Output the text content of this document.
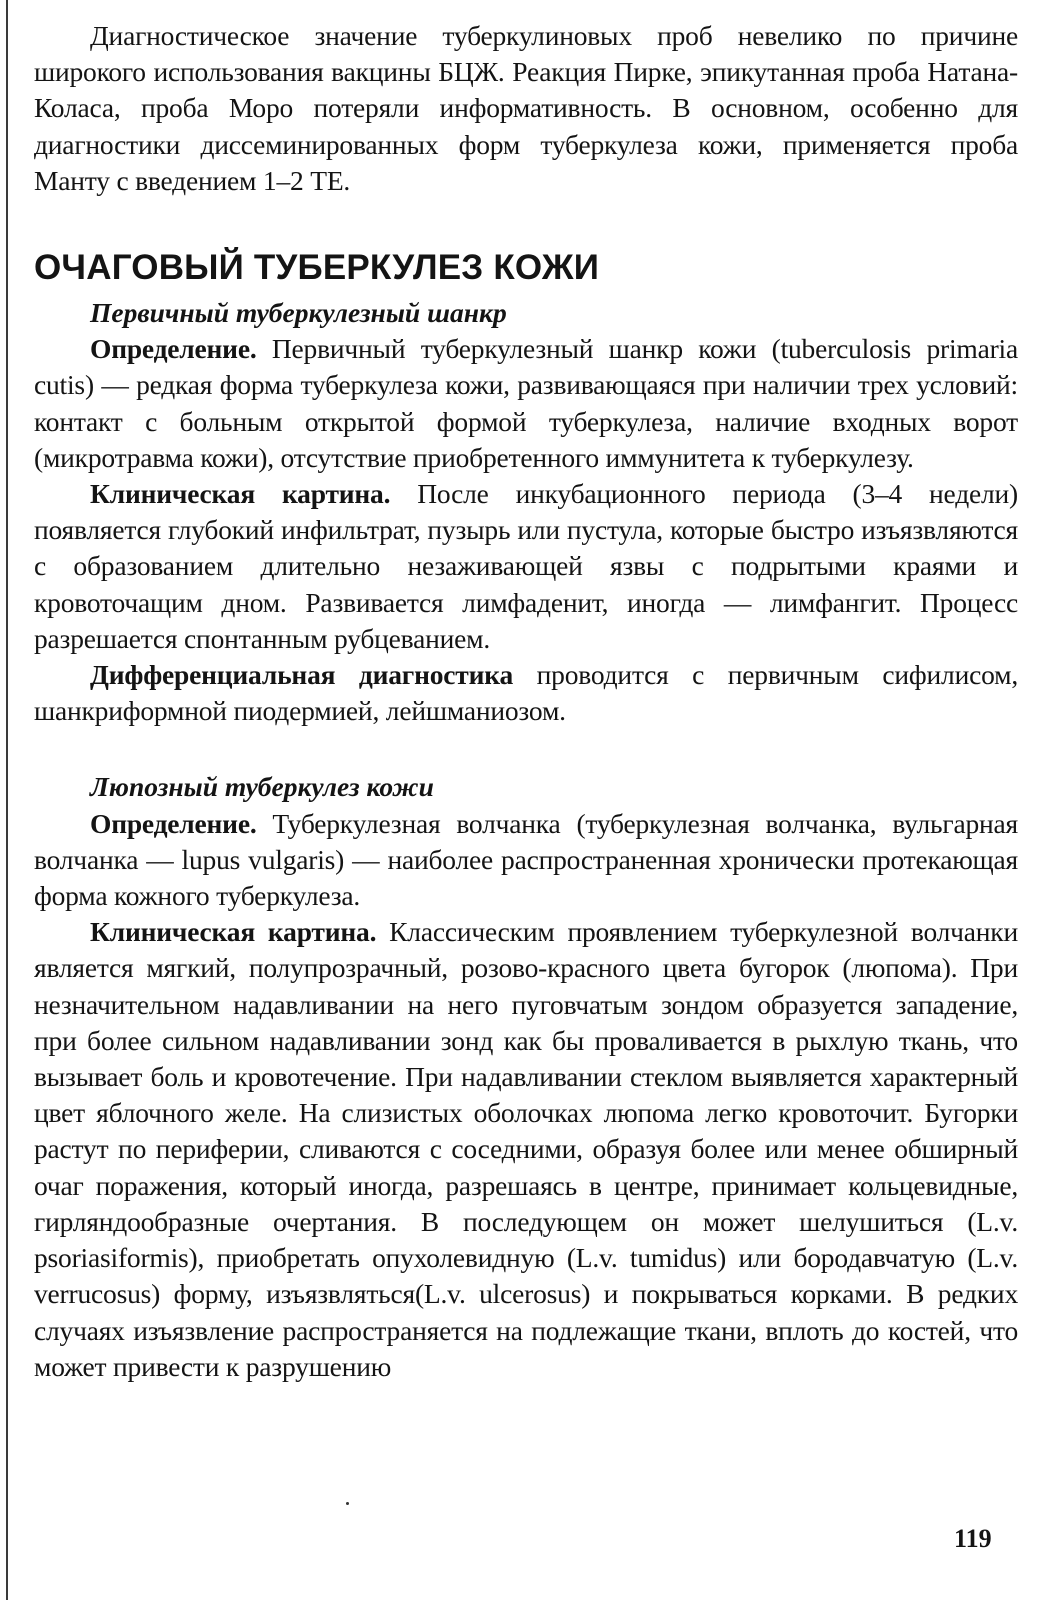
Диагностическое значение туберкулиновых проб невелико по причине широкого использования вакцины БЦЖ. Реакция Пирке, эпикутанная проба Натана-Коласа, проба Моро потеряли информативность. В основном, особенно для диагностики диссеминированных форм туберкулеза кожи, применяется проба Манту с введением 1–2 ТЕ.

ОЧАГОВЫЙ ТУБЕРКУЛЕЗ КОЖИ
Первичный туберкулезный шанкр

Определение. Первичный туберкулезный шанкр кожи (tuberculosis primaria cutis) — редкая форма туберкулеза кожи, развивающаяся при наличии трех условий: контакт с больным открытой формой туберкулеза, наличие входных ворот (микротравма кожи), отсутствие приобретенного иммунитета к туберкулезу.

Клиническая картина. После инкубационного периода (3–4 недели) появляется глубокий инфильтрат, пузырь или пустула, которые быстро изъязвляются с образованием длительно незаживающей язвы с подрытыми краями и кровоточащим дном. Развивается лимфаденит, иногда — лимфангит. Процесс разрешается спонтанным рубцеванием.

Дифференциальная диагностика проводится с первичным сифилисом, шанкриформной пиодермией, лейшманиозом.

Люпозный туберкулез кожи

Определение. Туберкулезная волчанка (туберкулезная волчанка, вульгарная волчанка — lupus vulgaris) — наиболее распространенная хронически протекающая форма кожного туберкулеза.

Клиническая картина. Классическим проявлением туберкулезной волчанки является мягкий, полупрозрачный, розово-красного цвета бугорок (люпома). При незначительном надавливании на него пуговчатым зондом образуется западение, при более сильном надавливании зонд как бы проваливается в рыхлую ткань, что вызывает боль и кровотечение. При надавливании стеклом выявляется характерный цвет яблочного желе. На слизистых оболочках люпома легко кровоточит. Бугорки растут по периферии, сливаются с соседними, образуя более или менее обширный очаг поражения, который иногда, разрешаясь в центре, принимает кольцевидные, гирляндообразные очертания. В последующем он может шелушиться (L.v. psoriasiformis), приобретать опухолевидную (L.v. tumidus) или бородавчатую (L.v. verrucosus) форму, изъязвляться(L.v. ulcerosus) и покрываться корками. В редких случаях изъязвление распространяется на подлежащие ткани, вплоть до костей, что может привести к разрушению

119
